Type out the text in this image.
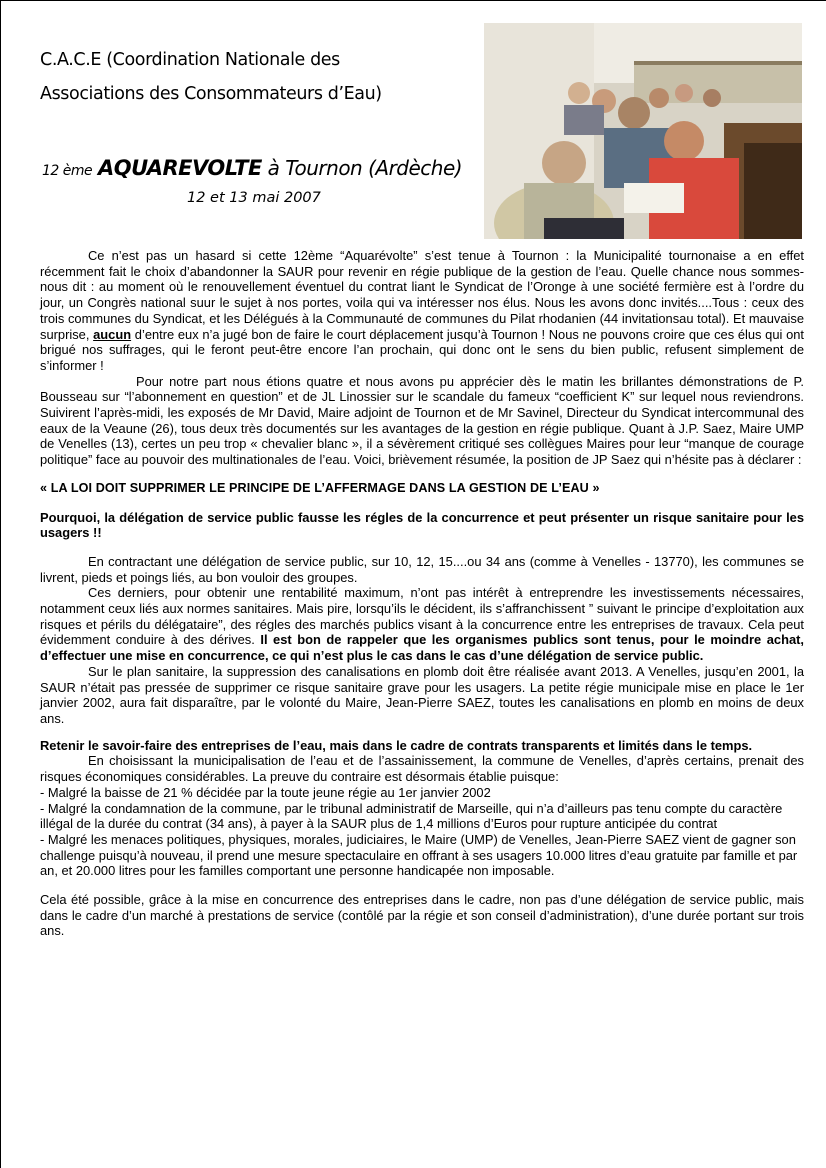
C.A.C.E (Coordination Nationale des
Associations des Consommateurs d’Eau)
12 ème AQUAREVOLTE à Tournon (Ardèche)
12 et 13 mai 2007

Ce n’est pas un hasard si cette 12ème “Aquarévolte” s’est tenue à Tournon : la Municipalité tournonaise a en effet récemment fait le choix d’abandonner la SAUR pour revenir en régie publique de la gestion de l’eau. Quelle chance nous sommes-nous dit : au moment où le renouvellement éventuel du contrat liant le Syndicat de l’Oronge à une société fermière est à l’ordre du jour, un Congrès national suur le sujet à nos portes, voila qui va intéresser nos élus. Nous les avons donc invités....Tous : ceux des trois communes du Syndicat, et les Délégués à la Communauté de communes du Pilat rhodanien (44 invitationsau total). Et mauvaise surprise, aucun d’entre eux n’a jugé bon de faire le court déplacement jusqu’à Tournon ! Nous ne pouvons croire que ces élus qui ont brigué nos suffrages, qui le feront peut-être encore l’an prochain, qui donc ont le sens du bien public, refusent simplement de s’informer !

Pour notre part nous étions quatre et nous avons pu apprécier dès le matin les brillantes démonstrations de P. Bousseau sur “l’abonnement en question” et de JL Linossier sur le scandale du fameux “coefficient K” sur lequel nous reviendrons. Suivirent l’après-midi, les exposés de Mr David, Maire adjoint de Tournon et de Mr Savinel, Directeur du Syndicat intercommunal des eaux de la Veaune (26), tous deux très documentés sur les avantages de la gestion en régie publique. Quant à J.P. Saez, Maire UMP de Venelles (13), certes un peu trop « chevalier blanc », il a sévèrement critiqué ses collègues Maires pour leur “manque de courage politique” face au pouvoir des multinationales de l’eau. Voici, brièvement résumée, la position de JP Saez qui n’hésite pas à déclarer :

« LA LOI DOIT SUPPRIMER LE PRINCIPE DE L’AFFERMAGE DANS LA GESTION DE L’EAU »

Pourquoi, la délégation de service public fausse les régles de la concurrence et peut présenter un risque sanitaire pour les usagers !!

En contractant une délégation de service public, sur 10, 12, 15....ou 34 ans (comme à Venelles - 13770), les communes se livrent, pieds et poings liés, au bon vouloir des groupes.

Ces derniers, pour obtenir une rentabilité maximum, n’ont pas intérêt à entreprendre les investissements nécessaires, notamment ceux liés aux normes sanitaires. Mais pire, lorsqu’ils le décident, ils s’affranchissent ” suivant le principe d’exploitation aux risques et périls du délégataire”, des régles des marchés publics visant à la concurrence entre les entreprises de travaux. Cela peut évidemment conduire à des dérives. Il est bon de rappeler que les organismes publics sont tenus, pour le moindre achat, d’effectuer une mise en concurrence, ce qui n’est plus le cas dans le cas d’une délégation de service public.

Sur le plan sanitaire, la suppression des canalisations en plomb doit être réalisée avant 2013. A Venelles, jusqu’en 2001, la SAUR n’était pas pressée de supprimer ce risque sanitaire grave pour les usagers. La petite régie municipale mise en place le 1er janvier 2002, aura fait disparaître, par le volonté du Maire, Jean-Pierre SAEZ, toutes les canalisations en plomb en moins de deux ans.

Retenir le savoir-faire des entreprises de l’eau, mais dans le cadre de contrats transparents et limités dans le temps.

En choisissant la municipalisation de l’eau et de l’assainissement, la commune de Venelles, d’après certains, prenait des risques économiques considérables. La preuve du contraire est désormais établie puisque:

- Malgré la baisse de 21 % décidée par la toute jeune régie au 1er janvier 2002

- Malgré la condamnation de la commune, par le tribunal administratif de Marseille, qui n’a d’ailleurs pas tenu compte du caractère illégal de la durée du contrat (34 ans), à payer à la SAUR plus de 1,4 millions d’Euros pour rupture anticipée du contrat

- Malgré les menaces politiques, physiques, morales, judiciaires, le Maire (UMP) de Venelles, Jean-Pierre SAEZ vient de gagner son challenge puisqu’à nouveau, il prend une mesure spectaculaire en offrant à ses usagers 10.000 litres d’eau gratuite par famille et par an, et 20.000 litres pour les familles comportant une personne handicapée non imposable.

Cela été possible, grâce à la mise en concurrence des entreprises dans le cadre, non pas d’une délégation de service public, mais dans le cadre d’un marché à prestations de service (contôlé par la régie et son conseil d’administration), d’une durée portant sur trois ans.
